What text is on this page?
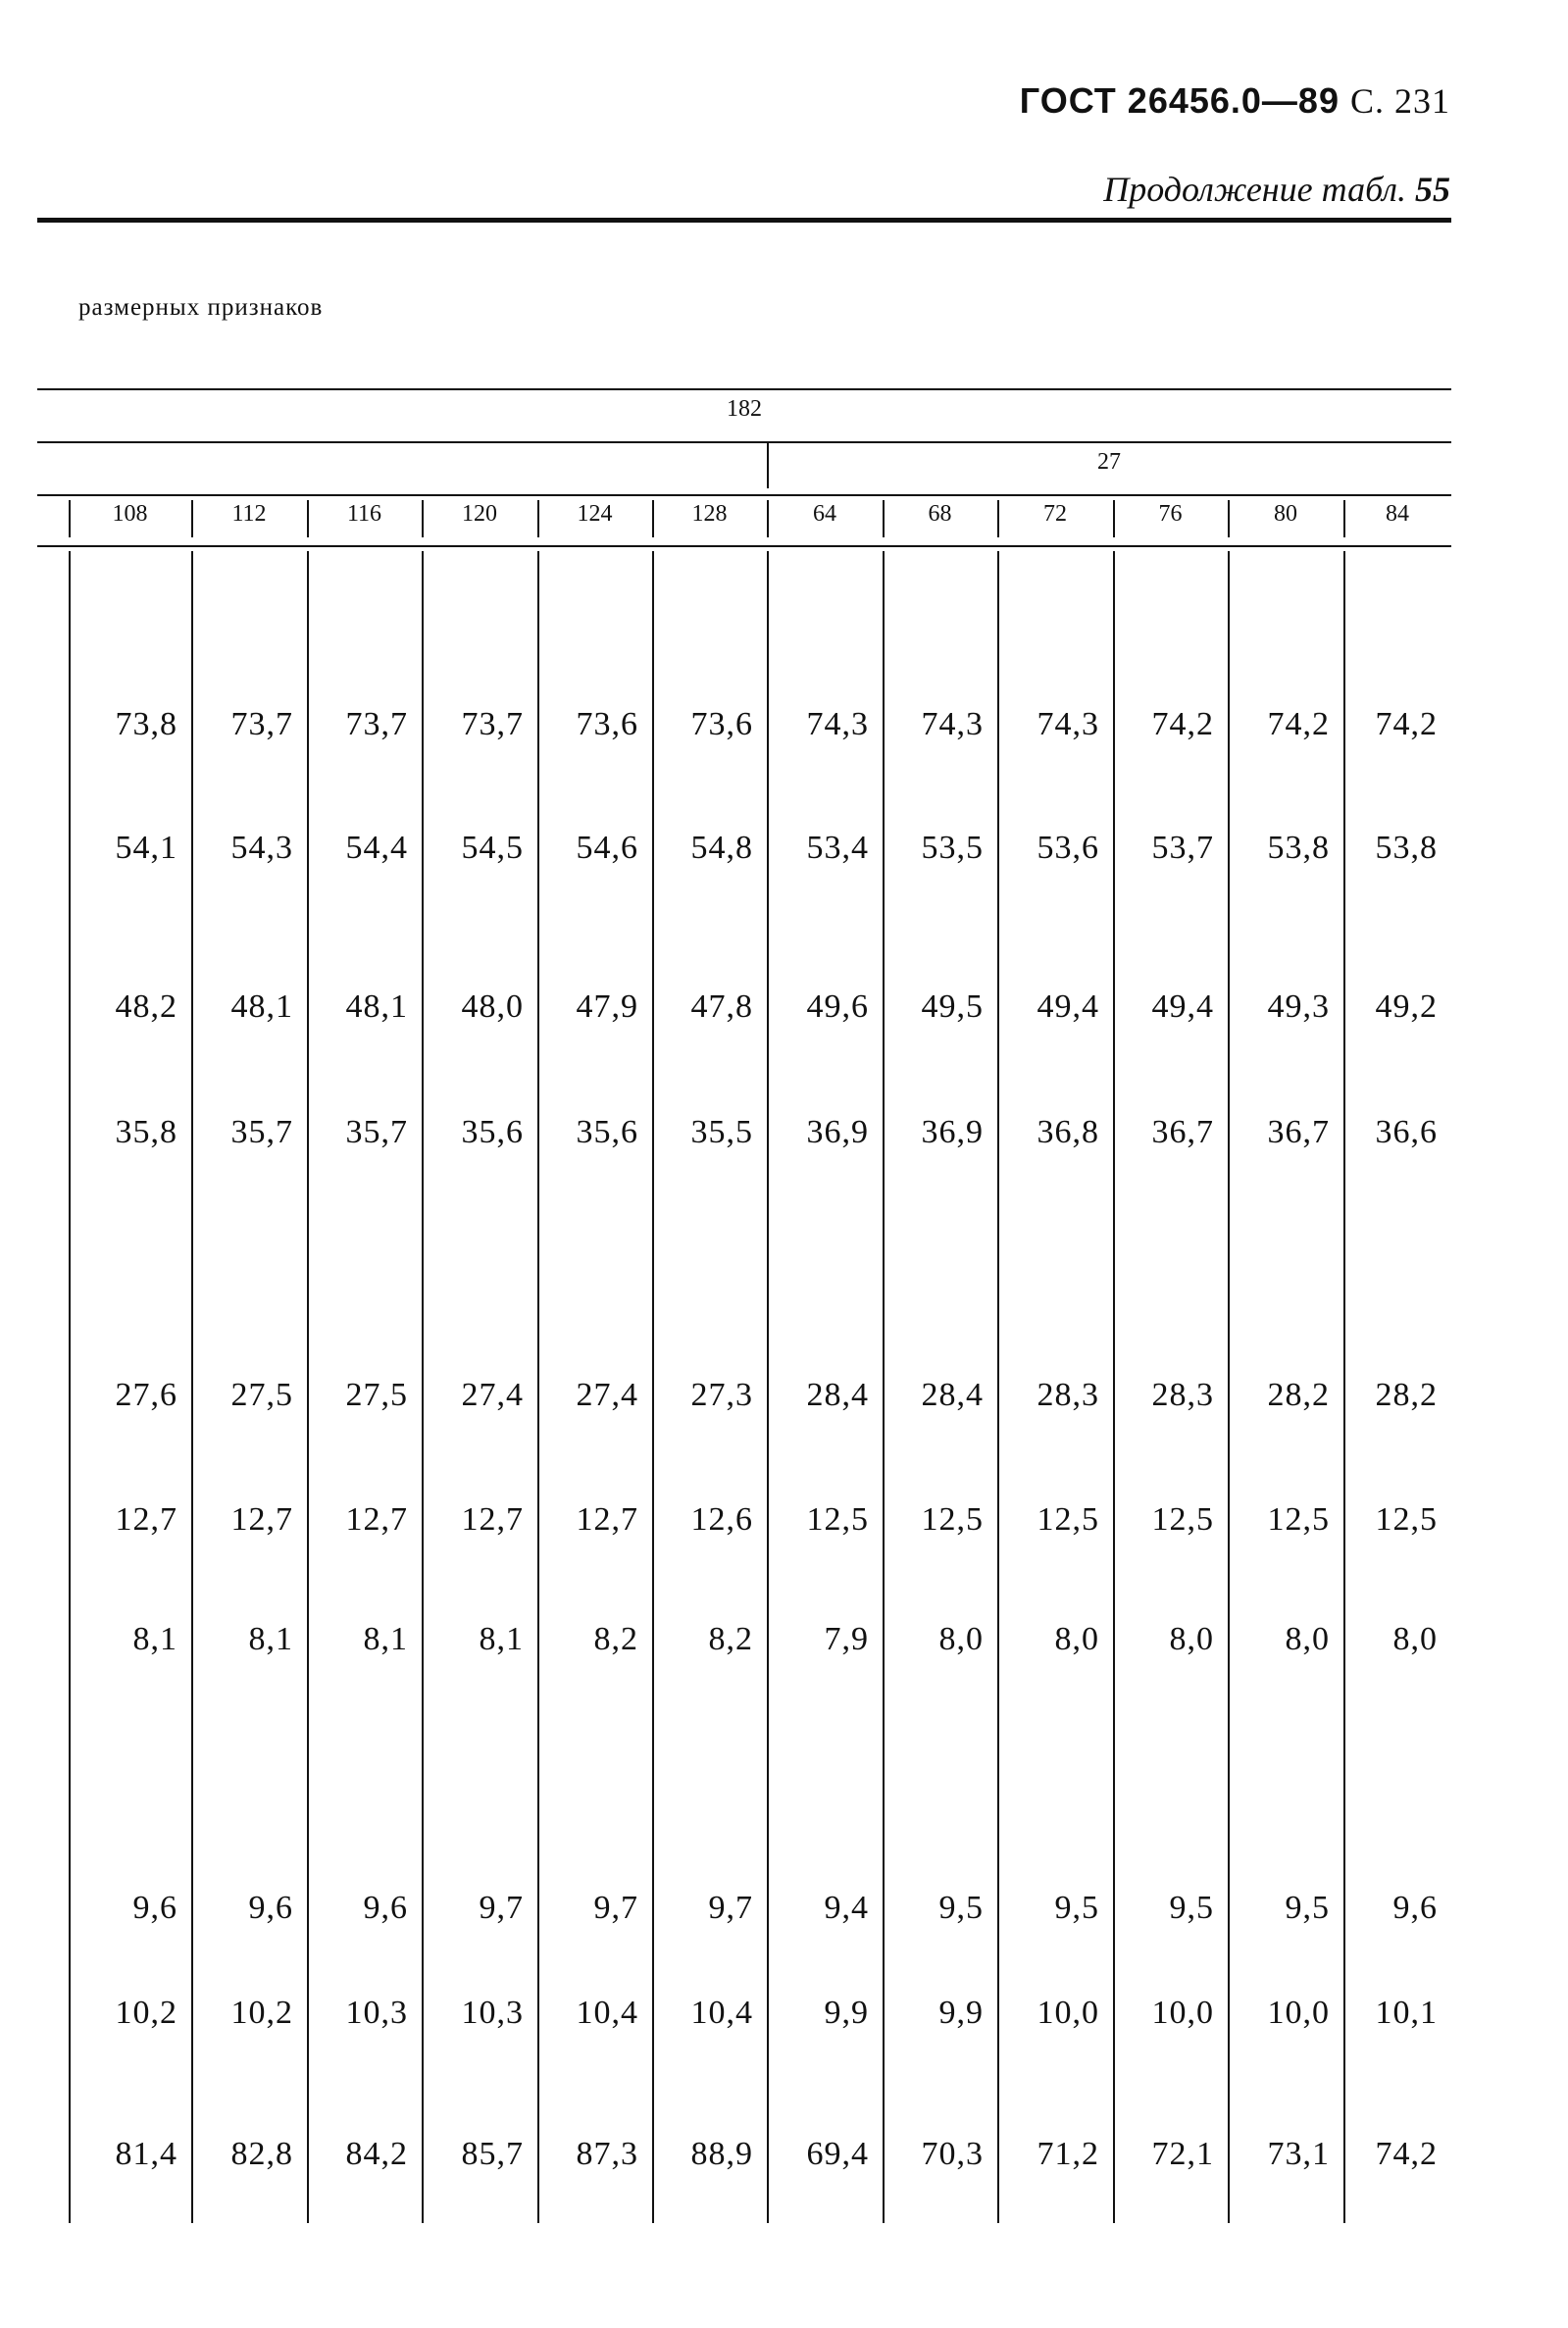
ГОСТ 26456.0—89 С. 231
Продолжение табл. 55
размерных признаков
182
27
108	112	116	120	124	128	64	68	72	76	80	84
73,8	73,7	73,7	73,7	73,6	73,6	74,3	74,3	74,3	74,2	74,2	74,2
54,1	54,3	54,4	54,5	54,6	54,8	53,4	53,5	53,6	53,7	53,8	53,8
48,2	48,1	48,1	48,0	47,9	47,8	49,6	49,5	49,4	49,4	49,3	49,2
35,8	35,7	35,7	35,6	35,6	35,5	36,9	36,9	36,8	36,7	36,7	36,6
27,6	27,5	27,5	27,4	27,4	27,3	28,4	28,4	28,3	28,3	28,2	28,2
12,7	12,7	12,7	12,7	12,7	12,6	12,5	12,5	12,5	12,5	12,5	12,5
8,1	8,1	8,1	8,1	8,2	8,2	7,9	8,0	8,0	8,0	8,0	8,0
9,6	9,6	9,6	9,7	9,7	9,7	9,4	9,5	9,5	9,5	9,5	9,6
10,2	10,2	10,3	10,3	10,4	10,4	9,9	9,9	10,0	10,0	10,0	10,1
81,4	82,8	84,2	85,7	87,3	88,9	69,4	70,3	71,2	72,1	73,1	74,2
